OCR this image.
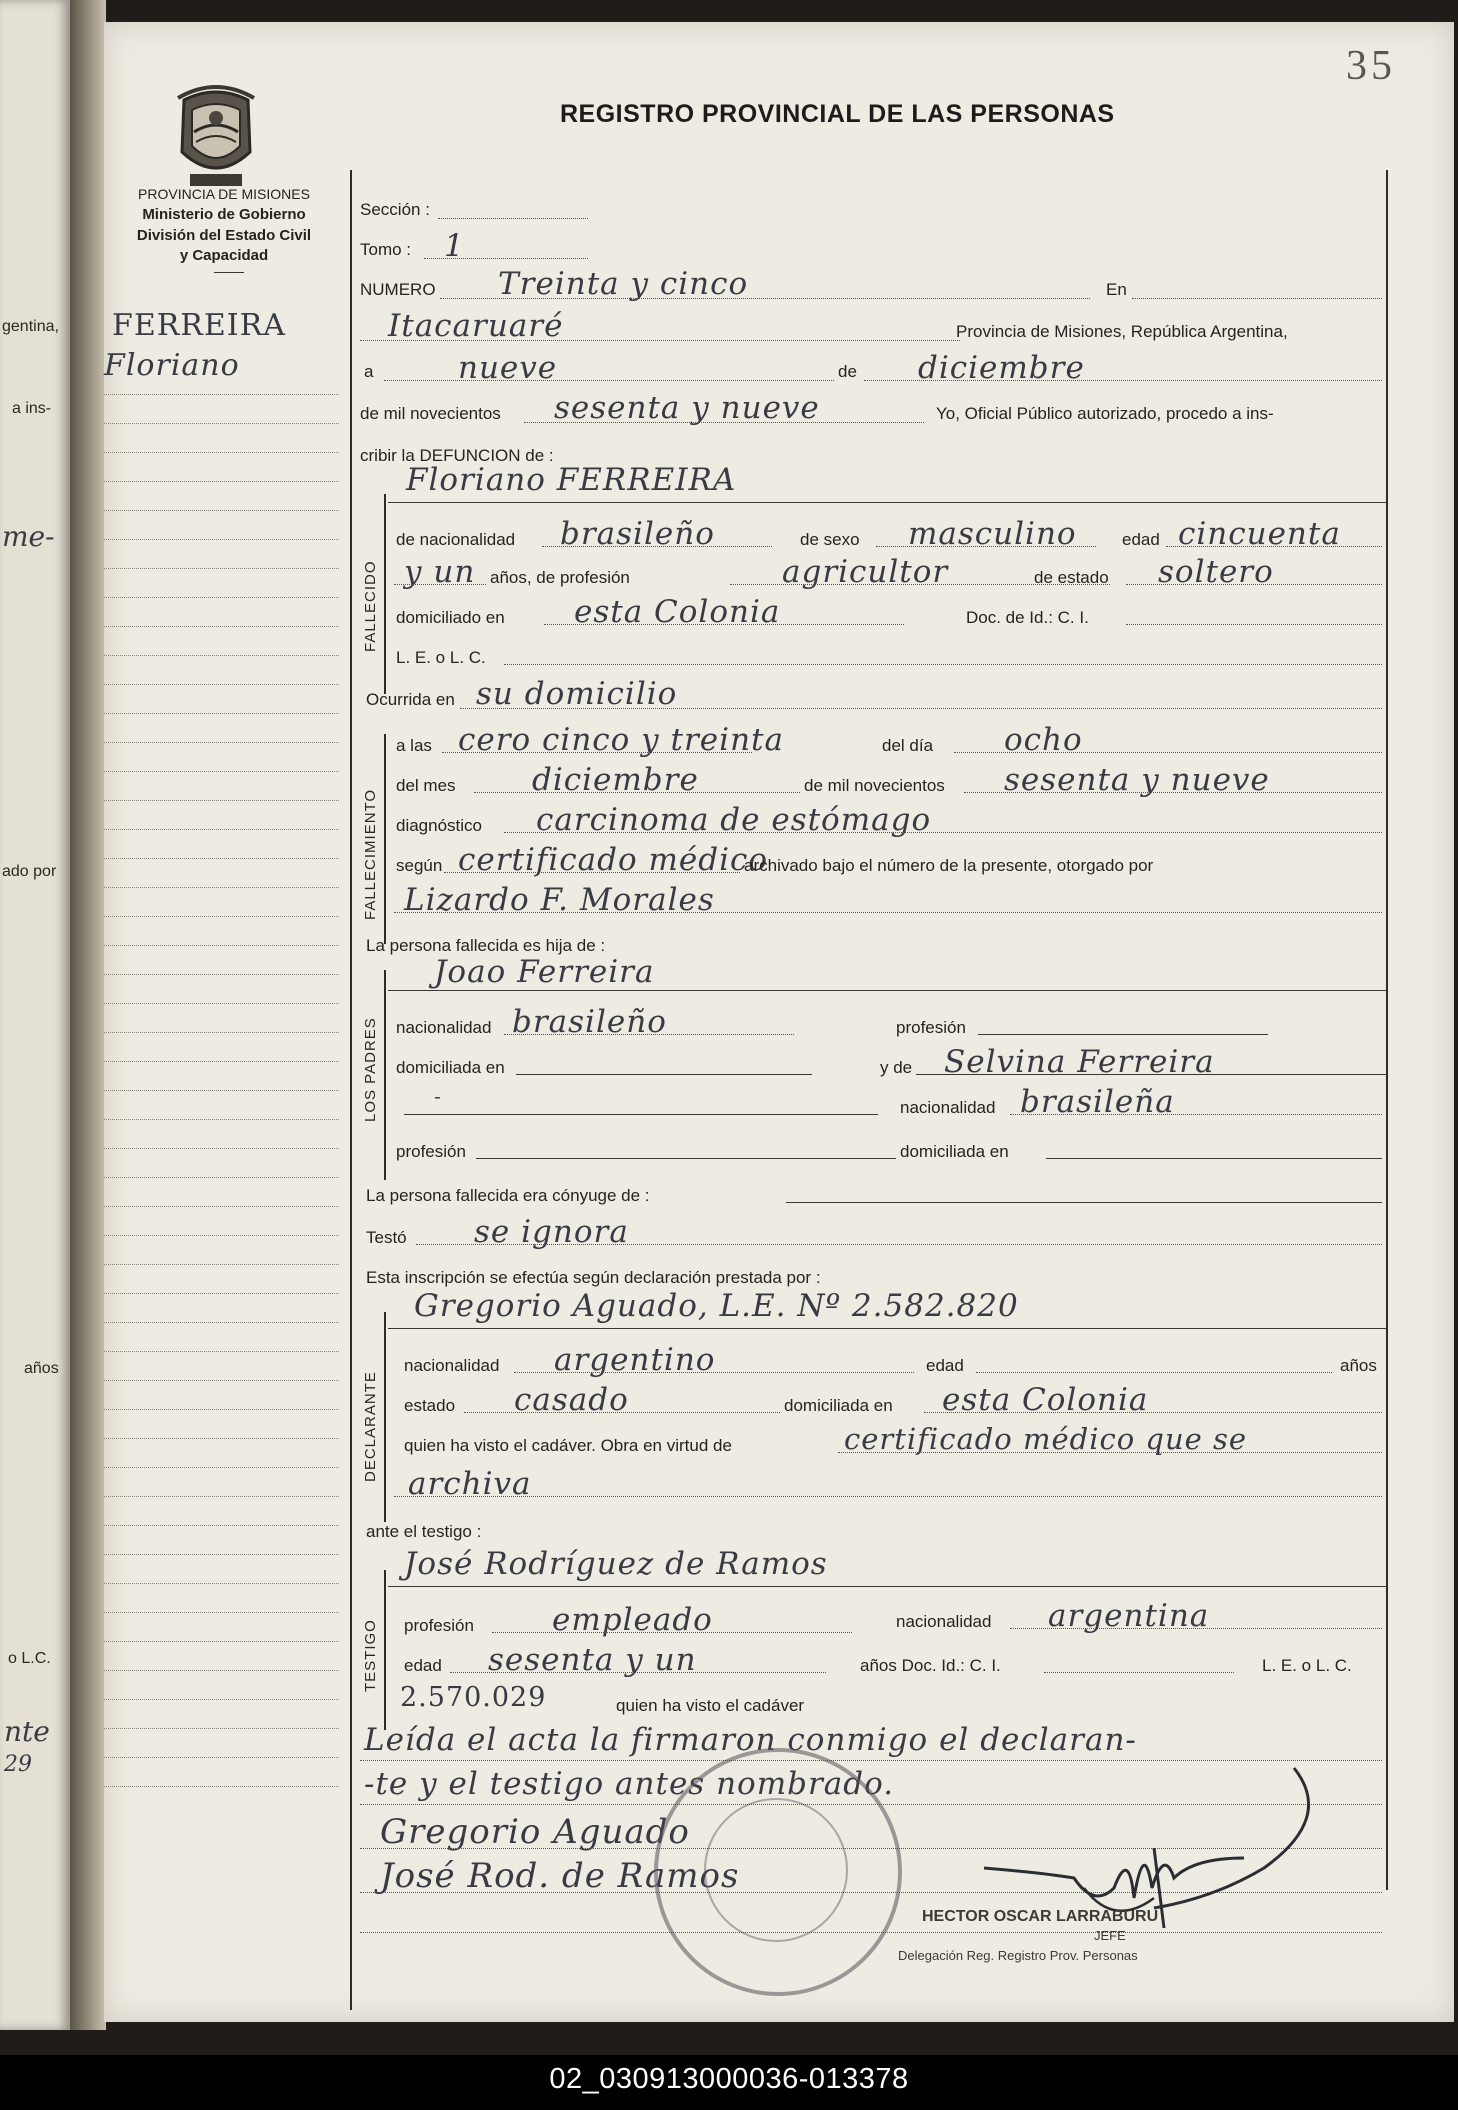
gentina,
a ins-
me-
ado por
años
o L.C.
nte
29
35
REGISTRO PROVINCIAL DE LAS PERSONAS
PROVINCIA DE MISIONES
Ministerio de Gobierno
División del Estado Civil
y Capacidad
FERREIRA
Floriano
Sección :
Tomo : 1
NUMERO Treinta y cinco	En
Itacaruaré	Provincia de Misiones, República Argentina,
a	nueve	de diciembre
de mil novecientos sesenta y nueve	Yo, Oficial Público autorizado, procedo a ins-
cribir la DEFUNCION de :
FALLECIDO
Floriano FERREIRA
de nacionalidad brasileño	de sexo masculino	edad cincuenta
y un años, de profesión	agricultor	de estado soltero
domiciliado en esta Colonia	Doc. de Id.: C. I.
L. E. o L. C.
Ocurrida en su domicilio
FALLECIMIENTO
a las cero cinco y treinta	del día ocho
del mes diciembre	de mil novecientos sesenta y nueve
diagnóstico carcinoma de estómago
según certificado médico
archivado bajo el número de la presente, otorgado por
Lizardo F. Morales
La persona fallecida es hija de :
LOS PADRES
Joao Ferreira
nacionalidad brasileño	profesión
domiciliada en	y de Selvina Ferreira
-	nacionalidad brasileña
profesión	domiciliada en
La persona fallecida era cónyuge de :
Testó se ignora
Esta inscripción se efectúa según declaración prestada por :
DECLARANTE
Gregorio Aguado, L.E. Nº 2.582.820
nacionalidad argentino	edad	años
estado casado	domiciliada en esta Colonia
quien ha visto el cadáver. Obra en virtud de	certificado médico que se
archiva
ante el testigo :
TESTIGO
José Rodríguez de Ramos
profesión	empleado	nacionalidad argentina
edad sesenta y un	años Doc. Id.: C. I.	L. E. o L. C.
2.570.029	quien ha visto el cadáver
Leída el acta la firmaron conmigo el declaran-
-te y el testigo antes nombrado.
Gregorio Aguado
José Rod. de Ramos
HECTOR OSCAR LARRABURU
JEFE
Delegación Reg. Registro Prov. Personas
02_030913000036-013378
